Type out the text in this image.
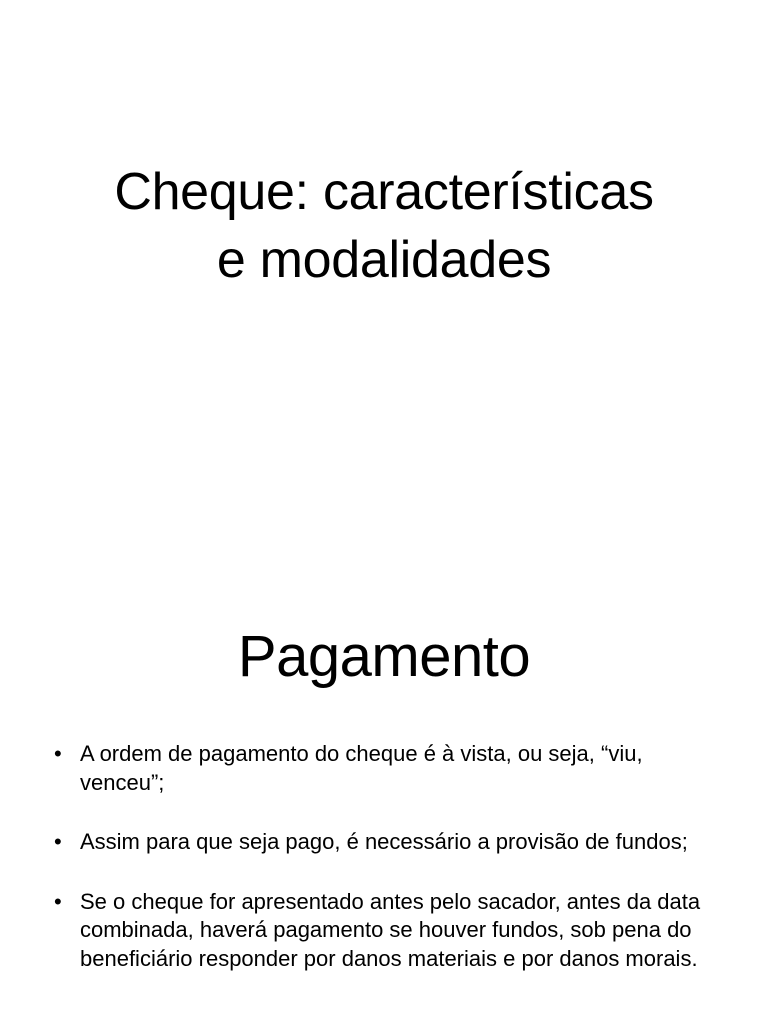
Cheque: características
e modalidades
Pagamento
• A ordem de pagamento do cheque é à vista, ou seja, “viu, venceu”;
• Assim para que seja pago, é necessário a provisão de fundos;
• Se o cheque for apresentado antes pelo sacador, antes da data combinada, haverá pagamento se houver fundos, sob pena do beneficiário responder por danos materiais e por danos morais.
